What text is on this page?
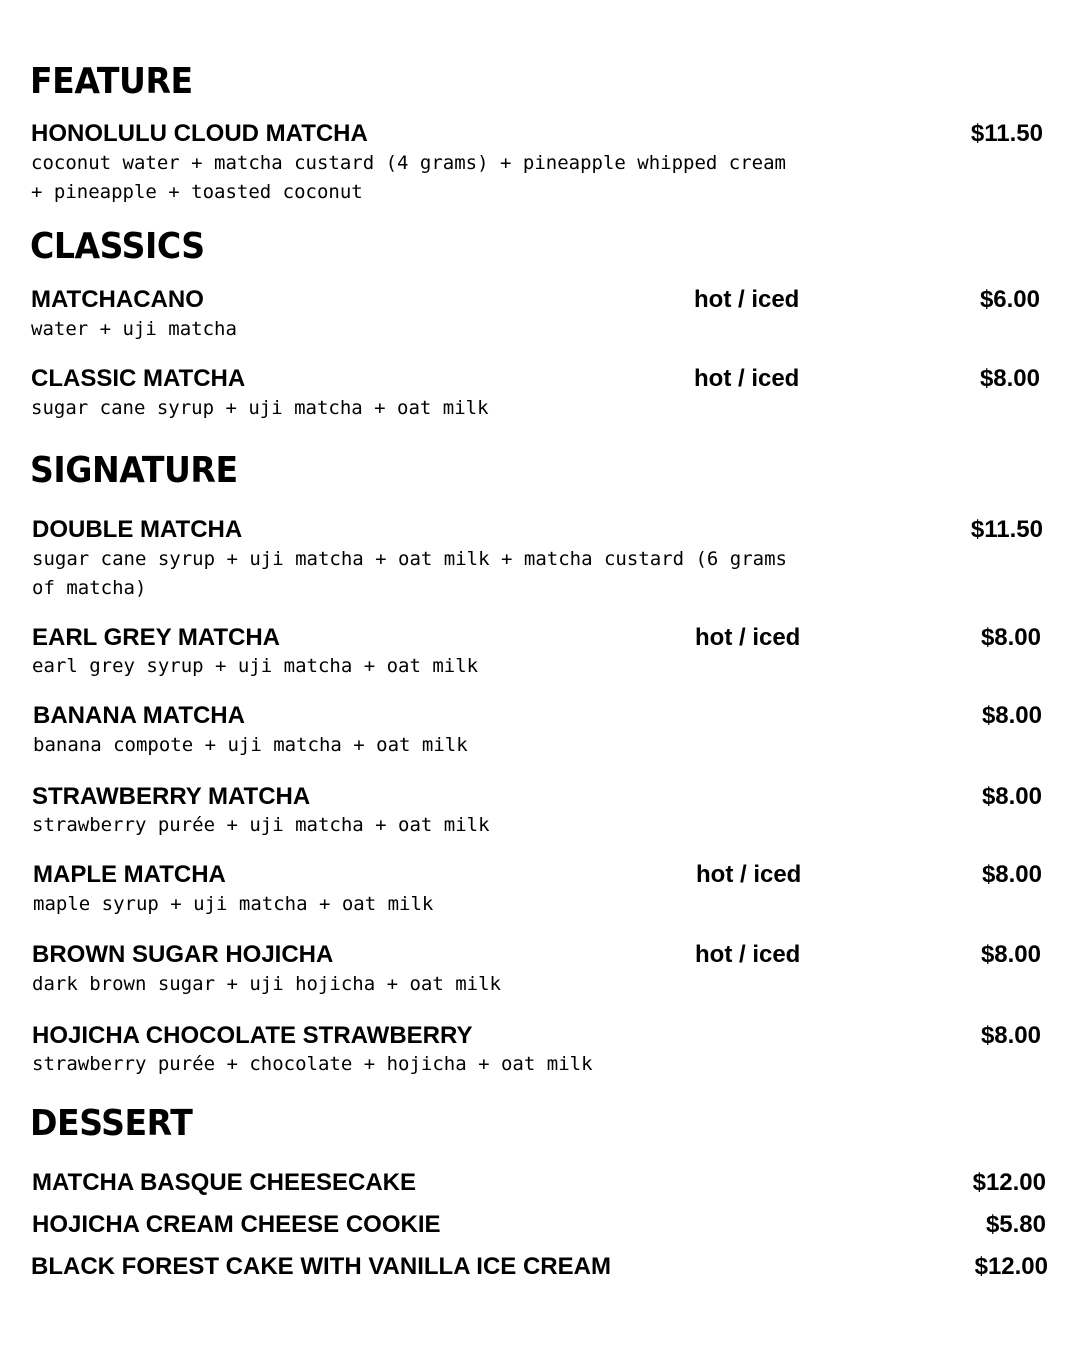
FEATURE
HONOLULU CLOUD MATCHA	$11.50
coconut water + matcha custard (4 grams) + pineapple whipped cream + pineapple + toasted coconut
CLASSICS
MATCHACANO	hot / iced	$6.00
water + uji matcha
CLASSIC MATCHA	hot / iced	$8.00
sugar cane syrup + uji matcha + oat milk
SIGNATURE
DOUBLE MATCHA	$11.50
sugar cane syrup + uji matcha + oat milk + matcha custard (6 grams of matcha)
EARL GREY MATCHA	hot / iced	$8.00
earl grey syrup + uji matcha + oat milk
BANANA MATCHA	$8.00
banana compote + uji matcha + oat milk
STRAWBERRY MATCHA	$8.00
strawberry purée + uji matcha + oat milk
MAPLE MATCHA	hot / iced	$8.00
maple syrup + uji matcha + oat milk
BROWN SUGAR HOJICHA	hot / iced	$8.00
dark brown sugar + uji hojicha + oat milk
HOJICHA CHOCOLATE STRAWBERRY	$8.00
strawberry purée + chocolate + hojicha + oat milk
DESSERT
MATCHA BASQUE CHEESECAKE	$12.00
HOJICHA CREAM CHEESE COOKIE	$5.80
BLACK FOREST CAKE WITH VANILLA ICE CREAM	$12.00
